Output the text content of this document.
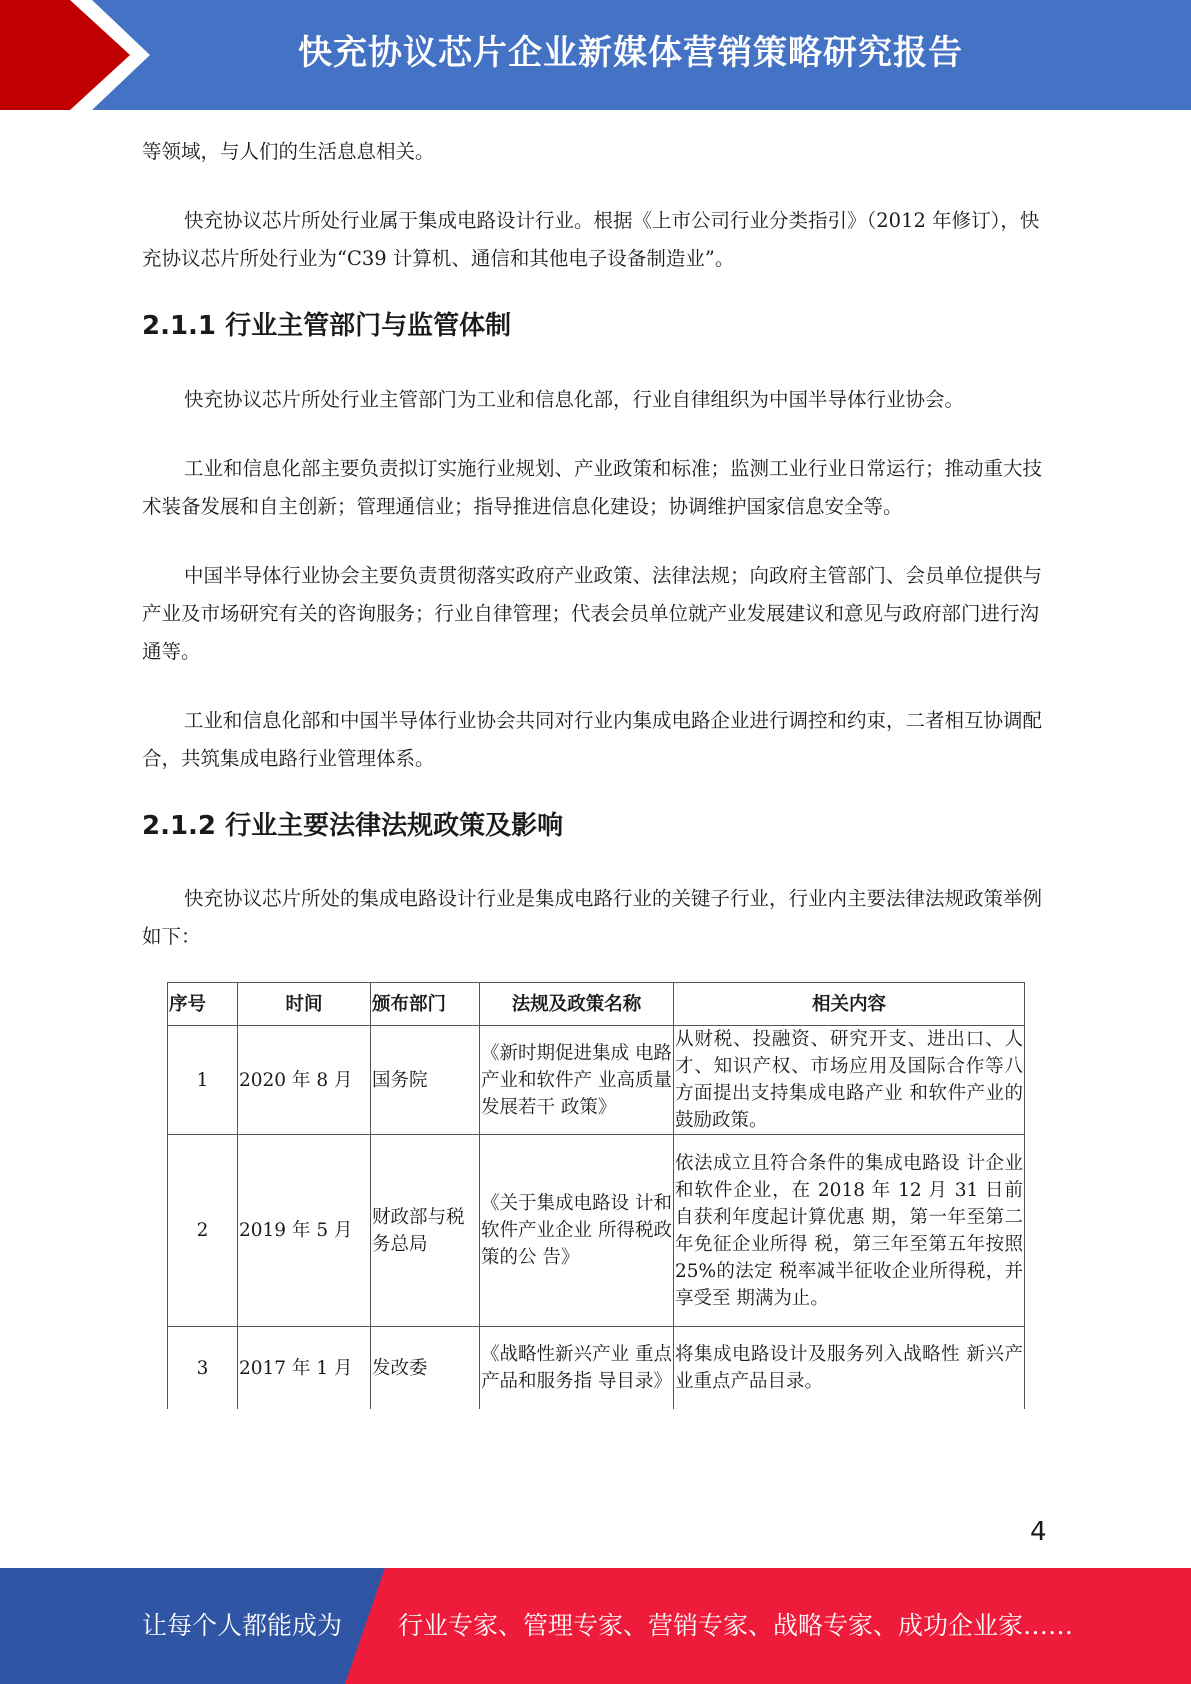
快充协议芯片企业新媒体营销策略研究报告

等领域，与人们的生活息息相关。

快充协议芯片所处行业属于集成电路设计行业。根据《上市公司行业分类指引》（2012 年修订），快充协议芯片所处行业为“C39 计算机、通信和其他电子设备制造业”。

2.1.1 行业主管部门与监管体制

快充协议芯片所处行业主管部门为工业和信息化部，行业自律组织为中国半导体行业协会。

工业和信息化部主要负责拟订实施行业规划、产业政策和标准；监测工业行业日常运行；推动重大技术装备发展和自主创新；管理通信业；指导推进信息化建设；协调维护国家信息安全等。

中国半导体行业协会主要负责贯彻落实政府产业政策、法律法规；向政府主管部门、会员单位提供与产业及市场研究有关的咨询服务；行业自律管理；代表会员单位就产业发展建议和意见与政府部门进行沟通等。

工业和信息化部和中国半导体行业协会共同对行业内集成电路企业进行调控和约束，二者相互协调配合，共筑集成电路行业管理体系。

2.1.2 行业主要法律法规政策及影响

快充协议芯片所处的集成电路设计行业是集成电路行业的关键子行业，行业内主要法律法规政策举例如下：

序号	时间	颁布部门	法规及政策名称	相关内容
1	2020 年 8 月	国务院	《新时期促进集成 电路产业和软件产 业高质量发展若干 政策》	从财税、投融资、研究开支、进出口、人才、知识产权、市场应用及国际合作等八方面提出支持集成电路产业 和软件产业的鼓励政策。
2	2019 年 5 月	财政部与税务总局	《关于集成电路设 计和软件产业企业 所得税政策的公 告》	依法成立且符合条件的集成电路设 计企业和软件企业，在 2018 年 12 月 31 日前自获利年度起计算优惠 期，第一年至第二年免征企业所得 税，第三年至第五年按照 25%的法定 税率减半征收企业所得税，并享受至 期满为止。
3	2017 年 1 月	发改委	《战略性新兴产业 重点产品和服务指 导目录》	将集成电路设计及服务列入战略性 新兴产业重点产品目录。
4
让每个人都能成为 行业专家、管理专家、营销专家、战略专家、成功企业家……
